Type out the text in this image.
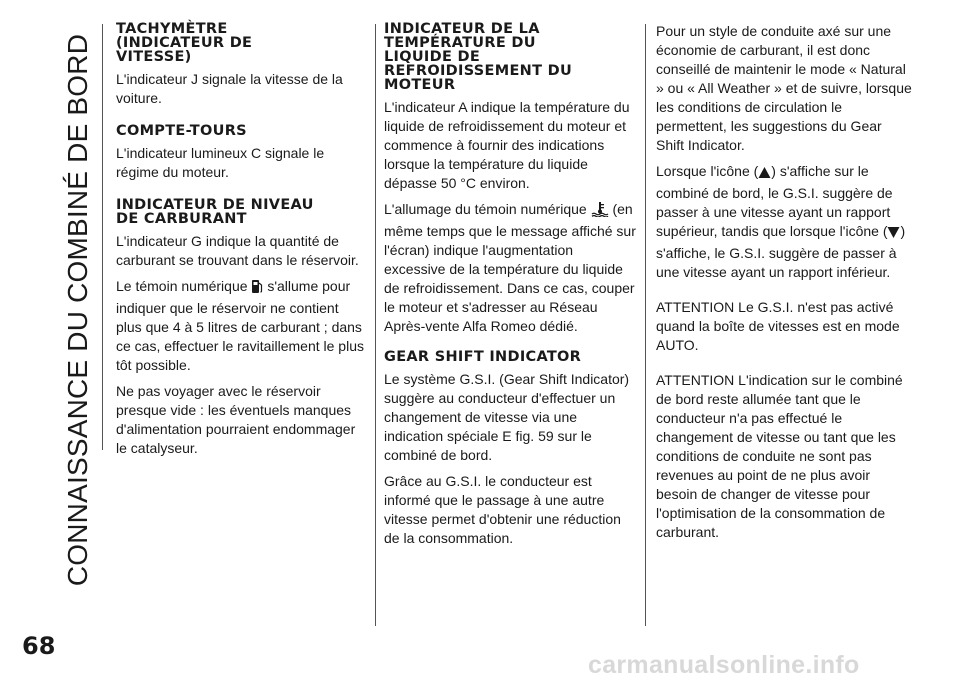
CONNAISSANCE DU COMBINÉ DE BORD
68
TACHYMÈTRE
(INDICATEUR DE
VITESSE)

L'indicateur J signale la vitesse de la voiture.

COMPTE-TOURS

L'indicateur lumineux C signale le régime du moteur.

INDICATEUR DE NIVEAU
DE CARBURANT

L'indicateur G indique la quantité de carburant se trouvant dans le réservoir.

Le témoin numérique s'allume pour indiquer que le réservoir ne contient plus que 4 à 5 litres de carburant ; dans ce cas, effectuer le ravitaillement le plus tôt possible.

Ne pas voyager avec le réservoir presque vide : les éventuels manques d'alimentation pourraient endommager le catalyseur.

INDICATEUR DE LA
TEMPÉRATURE DU
LIQUIDE DE
REFROIDISSEMENT DU
MOTEUR

L'indicateur A indique la température du liquide de refroidissement du moteur et commence à fournir des indications lorsque la température du liquide dépasse 50 °C environ.

L'allumage du témoin numérique (en même temps que le message affiché sur l'écran) indique l'augmentation excessive de la température du liquide de refroidissement. Dans ce cas, couper le moteur et s'adresser au Réseau Après-vente Alfa Romeo dédié.

GEAR SHIFT INDICATOR

Le système G.S.I. (Gear Shift Indicator) suggère au conducteur d'effectuer un changement de vitesse via une indication spéciale E fig. 59 sur le combiné de bord.

Grâce au G.S.I. le conducteur est informé que le passage à une autre vitesse permet d'obtenir une réduction de la consommation.

Pour un style de conduite axé sur une économie de carburant, il est donc conseillé de maintenir le mode « Natural » ou « All Weather » et de suivre, lorsque les conditions de circulation le permettent, les suggestions du Gear Shift Indicator.

Lorsque l'icône ( ) s'affiche sur le combiné de bord, le G.S.I. suggère de passer à une vitesse ayant un rapport supérieur, tandis que lorsque l'icône ( ) s'affiche, le G.S.I. suggère de passer à une vitesse ayant un rapport inférieur.

ATTENTION Le G.S.I. n'est pas activé quand la boîte de vitesses est en mode AUTO.

ATTENTION L'indication sur le combiné de bord reste allumée tant que le conducteur n'a pas effectué le changement de vitesse ou tant que les conditions de conduite ne sont pas revenues au point de ne plus avoir besoin de changer de vitesse pour l'optimisation de la consommation de carburant.

carmanualsonline.info
